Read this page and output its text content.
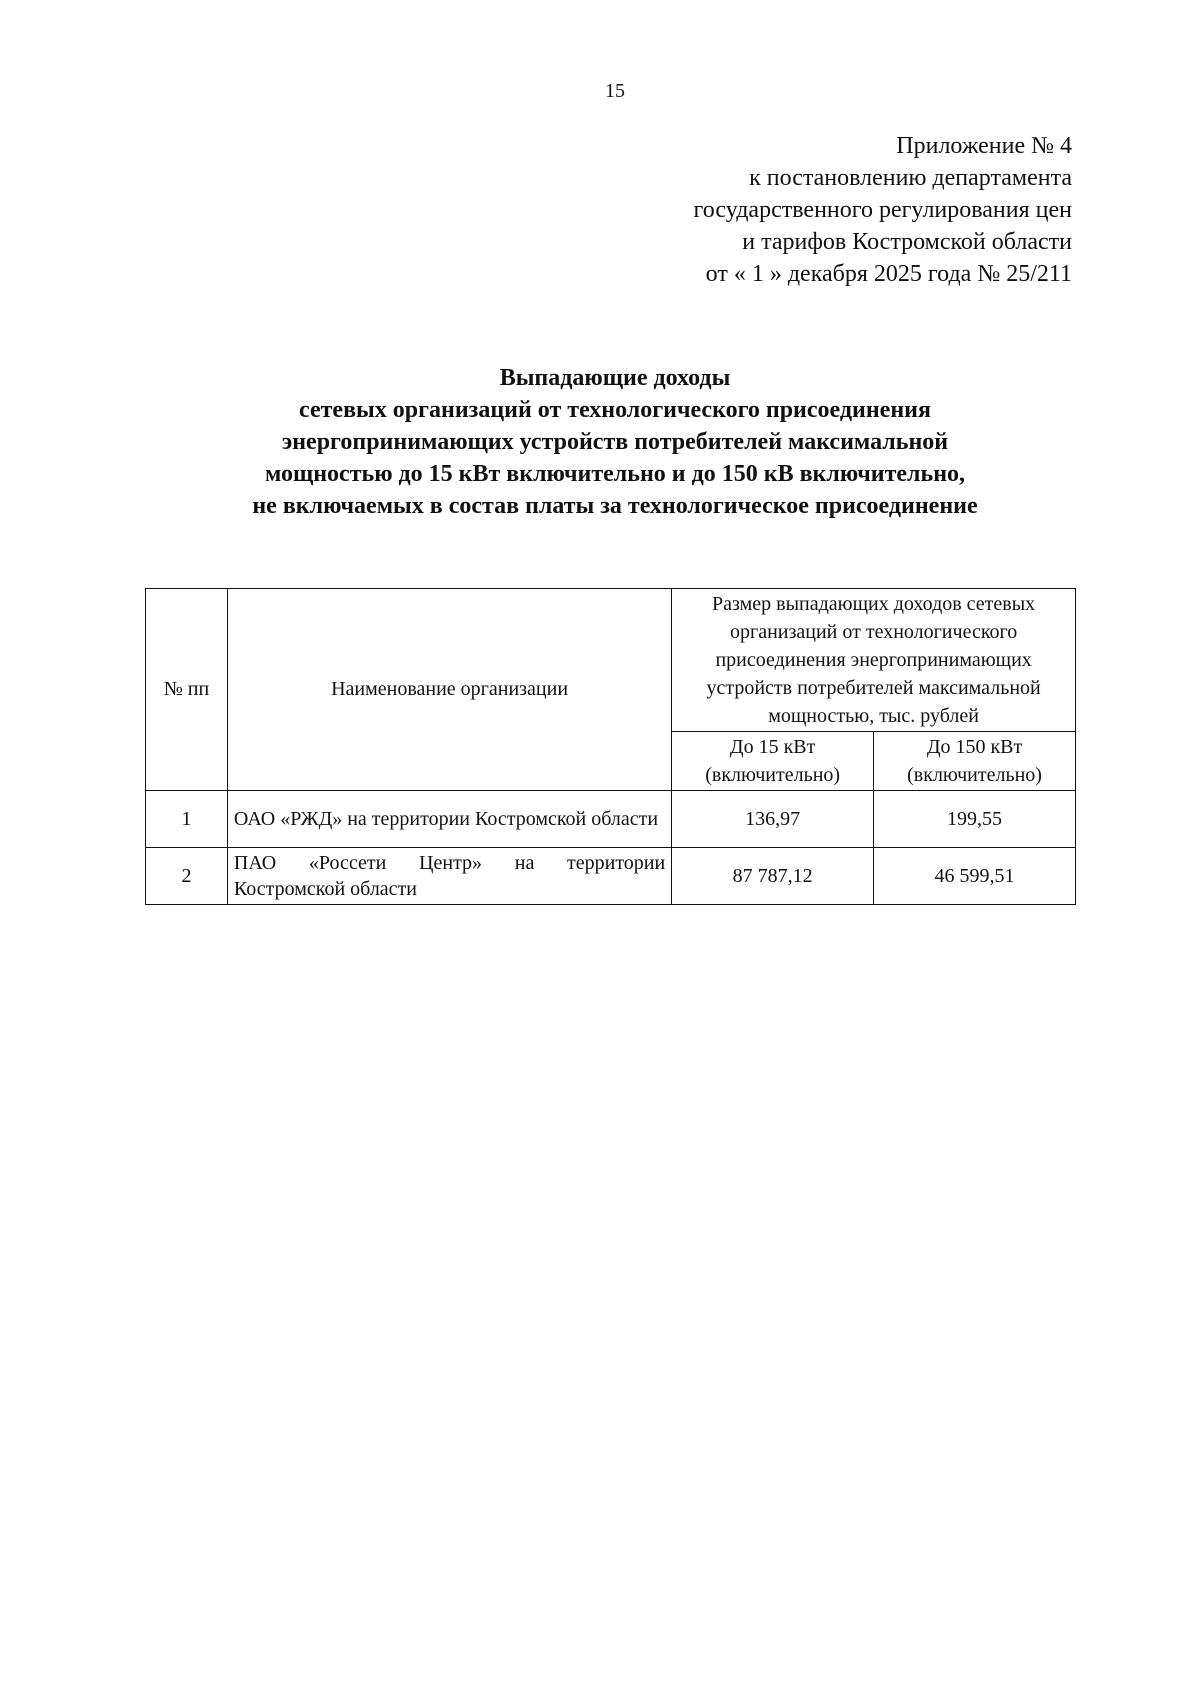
15
Приложение № 4
к постановлению департамента
государственного регулирования цен
и тарифов Костромской области
от « 1 » декабря 2025 года № 25/211
Выпадающие доходы
сетевых организаций от технологического присоединения
энергопринимающих устройств потребителей максимальной
мощностью до 15 кВт включительно и до 150 кВ включительно,
не включаемых в состав платы за технологическое присоединение
№ пп	Наименование организации	Размер выпадающих доходов сетевых организаций от технологического присоединения энергопринимающих устройств потребителей максимальной мощностью, тыс. рублей	
		До 15 кВт (включительно)	До 150 кВт (включительно)
1	ОАО «РЖД» на территории Костромской области	136,97	199,55
2	ПАО «Россети Центр» на территории Костромской области	87 787,12	46 599,51
